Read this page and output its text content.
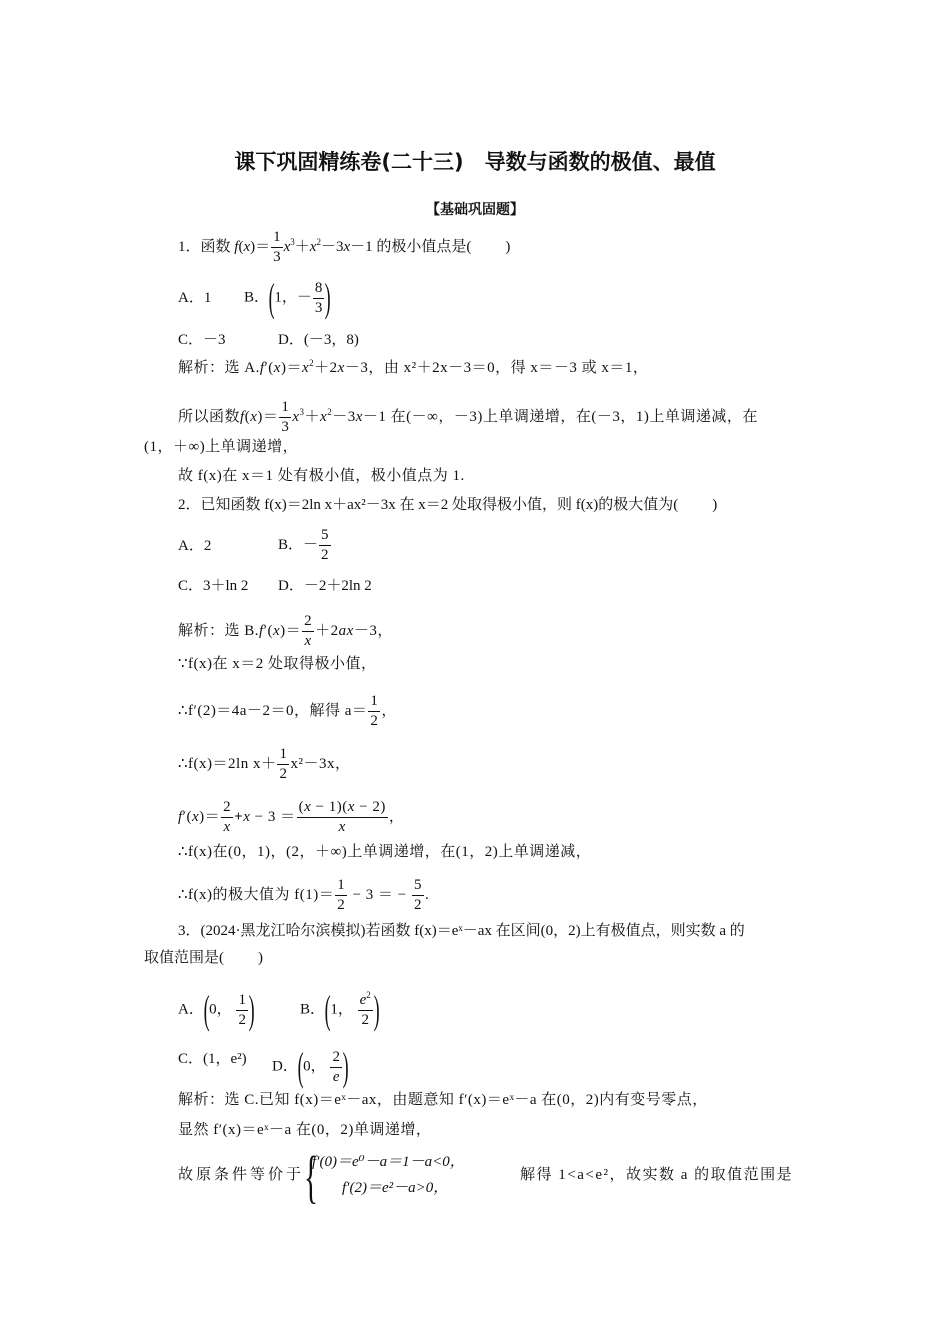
课下巩固精练卷(二十三)　导数与函数的极值、最值
【基础巩固题】
1．函数 $f(x)= \frac{1}{3} x^3+x^2-3x-1$ 的极小值点是( )
A．1 B．(1，－ $\frac{8}{3}$ )
C．－3	D．(－3，8)
解析：选 $A.f'(x)=x^2+2x-3$，由 x²＋2x－3＝0，得 x＝－3 或 x＝1，
所以函数$f(x)= \frac{1}{3} x^3+x^2-3x-1$ 在(－∞，－3)上单调递增，在(－3，1)上单调递减，在
(1，＋∞)上单调递增，
故 f(x)在 x＝1 处有极小值，极小值点为 1.
2．已知函数 f(x)＝2ln x＋ax²－3x 在 x＝2 处取得极小值，则 f(x)的极大值为( )
A．2	B．－ $\frac{5}{2}$
C．3＋ln 2 D．－2＋2ln 2
解析：选 $B.f'(x)= \frac{2}{x} +2ax-3$，
∵f(x)在 x＝2 处取得极小值，
∴f′(2)＝4a－2＝0，解得 $a= \frac{1}{2}$ ，
∴f(x)＝2ln $x+ \frac{1}{2} x^2-3x$，
$f'(x)= \frac{2}{x} +x - 3 = \frac{(x - 1)(x - 2)}{x}$ ，
∴f(x)在(0，1)，(2，＋∞)上单调递增，在(1，2)上单调递减，
∴f(x)的极大值为 $f(1)= \frac{1}{2} - 3$ ＝ − $\frac{5}{2}$ .
3．(2024·黑龙江哈尔滨模拟)若函数 f(x)＝eˣ－ax 在区间(0，2)上有极值点，则实数 a 的
取值范围是( )
A．(0， $\frac{1}{2}$ )	B．(1， $\frac{e^2}{2}$ )
C．(1，e²) D．(0， $\frac{2}{e}$ )
解析：选 C.已知 f(x)＝eˣ－ax，由题意知 f′(x)＝eˣ－a 在(0，2)内有变号零点，
显然 f′(x)＝eˣ－a 在(0，2)单调递增，
故原条件等价于 {
f′(0)＝e⁰－a＝1－a<0，
f′(2)＝e²－a>0，
解得 1<a<e²，故实数 a 的取值范围是
